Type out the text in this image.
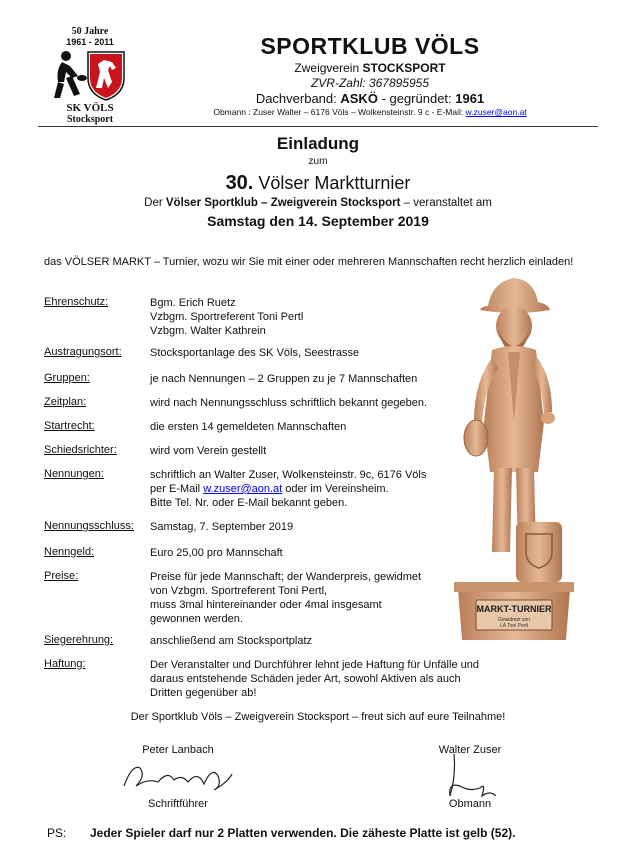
50 Jahre
1961 - 2011
SK VÖLS
Stocksport
SPORTKLUB VÖLS
Zweigverein STOCKSPORT
ZVR-Zahl: 367895955
Dachverband: ASKÖ - gegründet: 1961
Obmann : Zuser Walter – 6176 Völs – Wolkensteinstr. 9 c - E-Mail: w.zuser@aon.at
Einladung
zum
30. Völser Marktturnier
Der Völser Sportklub – Zweigverein Stocksport – veranstaltet am
Samstag den 14. September 2019
das VÖLSER MARKT – Turnier, wozu wir Sie mit einer oder mehreren Mannschaften recht herzlich einladen!
Ehrenschutz:	Bgm. Erich Ruetz
Vzbgm. Sportreferent Toni Pertl
Vzbgm. Walter Kathrein
Austragungsort:	Stocksportanlage des SK Völs, Seestrasse
Gruppen:	je nach Nennungen – 2 Gruppen zu je 7 Mannschaften
Zeitplan:	wird nach Nennungsschluss schriftlich bekannt gegeben.
Startrecht:	die ersten 14 gemeldeten Mannschaften
Schiedsrichter:	wird vom Verein gestellt
Nennungen:	schriftlich an Walter Zuser, Wolkensteinstr. 9c, 6176 Völs
per E-Mail w.zuser@aon.at oder im Vereinsheim.
Bitte Tel. Nr. oder E-Mail bekannt geben.
Nennungsschluss: Samstag, 7. September 2019
Nenngeld:	Euro 25,00 pro Mannschaft
Preise:	Preise für jede Mannschaft; der Wanderpreis, gewidmet
von Vzbgm. Sportreferent Toni Pertl,
muss 3mal hintereinander oder 4mal insgesamt
gewonnen werden.
Siegerehrung:	anschließend am Stocksportplatz
Haftung:	Der Veranstalter und Durchführer lehnt jede Haftung für Unfälle und
daraus entstehende Schäden jeder Art, sowohl Aktiven als auch
Dritten gegenüber ab!
MARKT-TURNIER
Gewidmet von
LA Toni Pertl
Der Sportklub Völs – Zweigverein Stocksport – freut sich auf eure Teilnahme!
Peter Lanbach
Schriftführer
Walter Zuser
Obmann
PS: Jeder Spieler darf nur 2 Platten verwenden. Die zäheste Platte ist gelb (52).
